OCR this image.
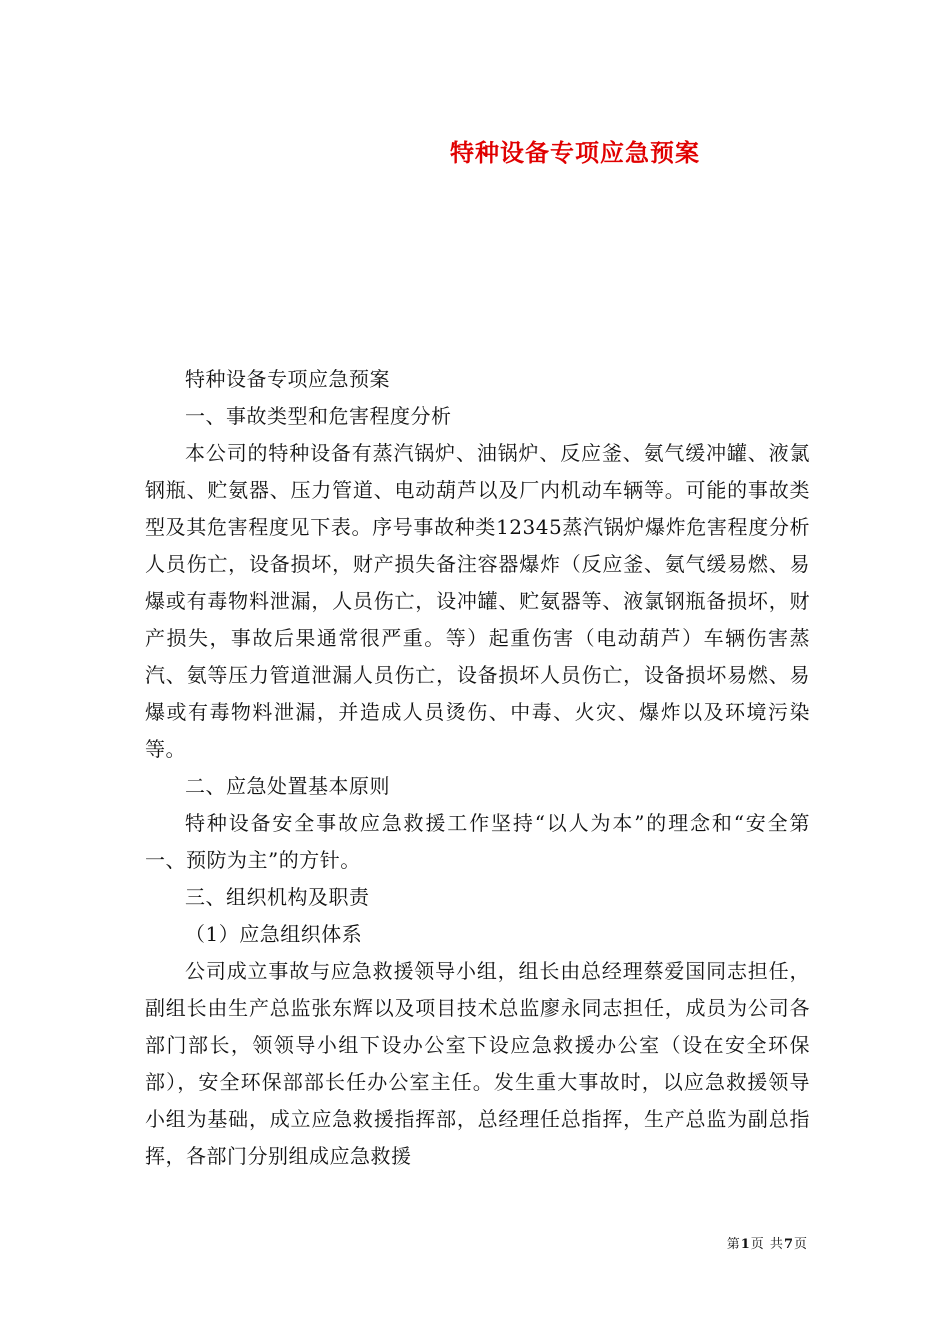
特种设备专项应急预案

特种设备专项应急预案

一、事故类型和危害程度分析

本公司的特种设备有蒸汽锅炉、油锅炉、反应釜、氨气缓冲罐、液氯钢瓶、贮氨器、压力管道、电动葫芦以及厂内机动车辆等。可能的事故类型及其危害程度见下表。序号事故种类12345蒸汽锅炉爆炸危害程度分析人员伤亡，设备损坏，财产损失备注容器爆炸（反应釜、氨气缓易燃、易爆或有毒物料泄漏，人员伤亡，设冲罐、贮氨器等、液氯钢瓶备损坏，财产损失，事故后果通常很严重。等）起重伤害（电动葫芦）车辆伤害蒸汽、氨等压力管道泄漏人员伤亡，设备损坏人员伤亡，设备损坏易燃、易爆或有毒物料泄漏，并造成人员烫伤、中毒、火灾、爆炸以及环境污染等。

二、应急处置基本原则

特种设备安全事故应急救援工作坚持“以人为本”的理念和“安全第一、预防为主”的方针。

三、组织机构及职责

（1）应急组织体系

公司成立事故与应急救援领导小组，组长由总经理蔡爱国同志担任，副组长由生产总监张东辉以及项目技术总监廖永同志担任，成员为公司各部门部长，领领导小组下设办公室下设应急救援办公室（设在安全环保部），安全环保部部长任办公室主任。发生重大事故时，以应急救援领导小组为基础，成立应急救援指挥部，总经理任总指挥，生产总监为副总指挥，各部门分别组成应急救援

第1页 共7页
